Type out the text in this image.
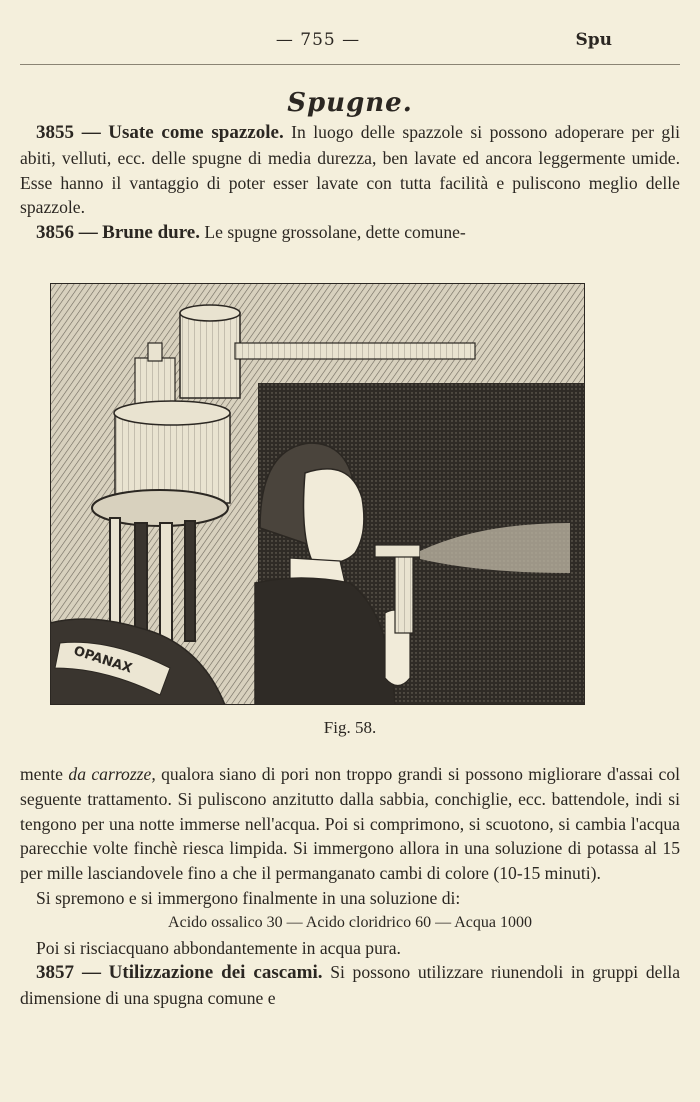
— 755 —	Spu
Spugne.

3855 — Usate come spazzole. In luogo delle spazzole si possono adoperare per gli abiti, velluti, ecc. delle spugne di media durezza, ben lavate ed ancora leggermente umide. Esse hanno il vantaggio di poter esser lavate con tutta facilità e puliscono meglio delle spazzole.

3856 — Brune dure. Le spugne grossolane, dette comune-

OPANAX
Fig. 58.

mente da carrozze, qualora siano di pori non troppo grandi si possono migliorare d'assai col seguente trattamento. Si puliscono anzitutto dalla sabbia, conchiglie, ecc. battendole, indi si tengono per una notte immerse nell'acqua. Poi si comprimono, si scuotono, si cambia l'acqua parecchie volte finchè riesca limpida. Si immergono allora in una soluzione di potassa al 15 per mille lasciandovele fino a che il permanganato cambi di colore (10-15 minuti).

Si spremono e si immergono finalmente in una soluzione di:

Acido ossalico 30 — Acido cloridrico 60 — Acqua 1000

Poi si risciacquano abbondantemente in acqua pura.

3857 — Utilizzazione dei cascami. Si possono utilizzare riunendoli in gruppi della dimensione di una spugna comune e
